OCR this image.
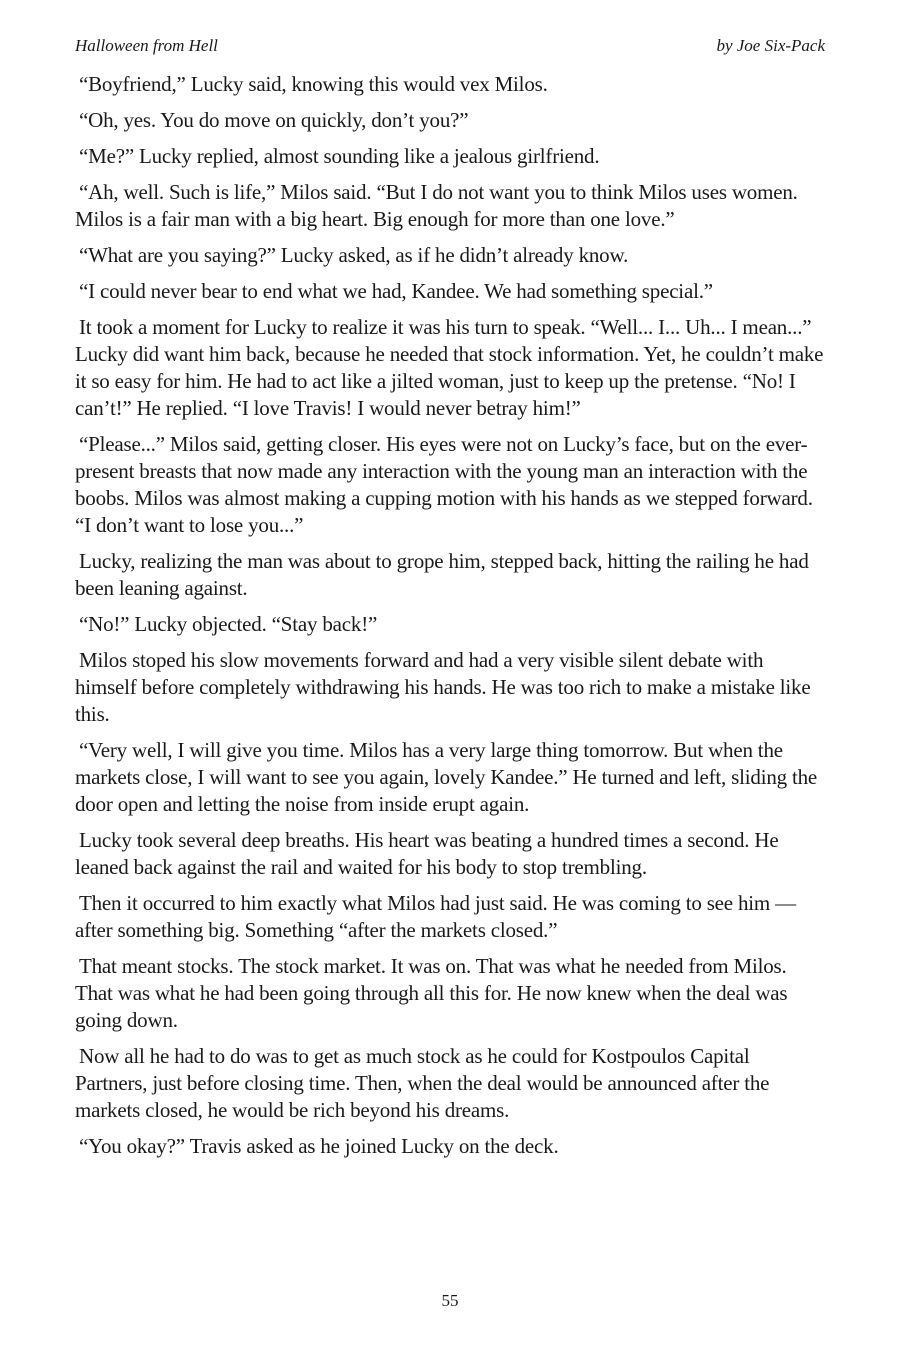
Halloween from Hell	by Joe Six-Pack

“Boyfriend,” Lucky said, knowing this would vex Milos.

“Oh, yes. You do move on quickly, don’t you?”

“Me?” Lucky replied, almost sounding like a jealous girlfriend.

“Ah, well. Such is life,” Milos said. “But I do not want you to think Milos uses women. Milos is a fair man with a big heart. Big enough for more than one love.”

“What are you saying?” Lucky asked, as if he didn’t already know.

“I could never bear to end what we had, Kandee. We had something special.”

It took a moment for Lucky to realize it was his turn to speak. “Well... I... Uh... I mean...” Lucky did want him back, because he needed that stock information. Yet, he couldn’t make it so easy for him. He had to act like a jilted woman, just to keep up the pretense. “No! I can’t!” He replied. “I love Travis! I would never betray him!”

“Please...” Milos said, getting closer. His eyes were not on Lucky’s face, but on the ever-present breasts that now made any interaction with the young man an interaction with the boobs. Milos was almost making a cupping motion with his hands as we stepped forward. “I don’t want to lose you...”

Lucky, realizing the man was about to grope him, stepped back, hitting the railing he had been leaning against.

“No!” Lucky objected. “Stay back!”

Milos stoped his slow movements forward and had a very visible silent debate with himself before completely withdrawing his hands. He was too rich to make a mistake like this.

“Very well, I will give you time. Milos has a very large thing tomorrow. But when the markets close, I will want to see you again, lovely Kandee.” He turned and left, sliding the door open and letting the noise from inside erupt again.

Lucky took several deep breaths. His heart was beating a hundred times a second. He leaned back against the rail and waited for his body to stop trembling.

Then it occurred to him exactly what Milos had just said. He was coming to see him — after something big. Something “after the markets closed.”

That meant stocks. The stock market. It was on. That was what he needed from Milos. That was what he had been going through all this for. He now knew when the deal was going down.

Now all he had to do was to get as much stock as he could for Kostpoulos Capital Partners, just before closing time. Then, when the deal would be announced after the markets closed, he would be rich beyond his dreams.

“You okay?” Travis asked as he joined Lucky on the deck.

55
